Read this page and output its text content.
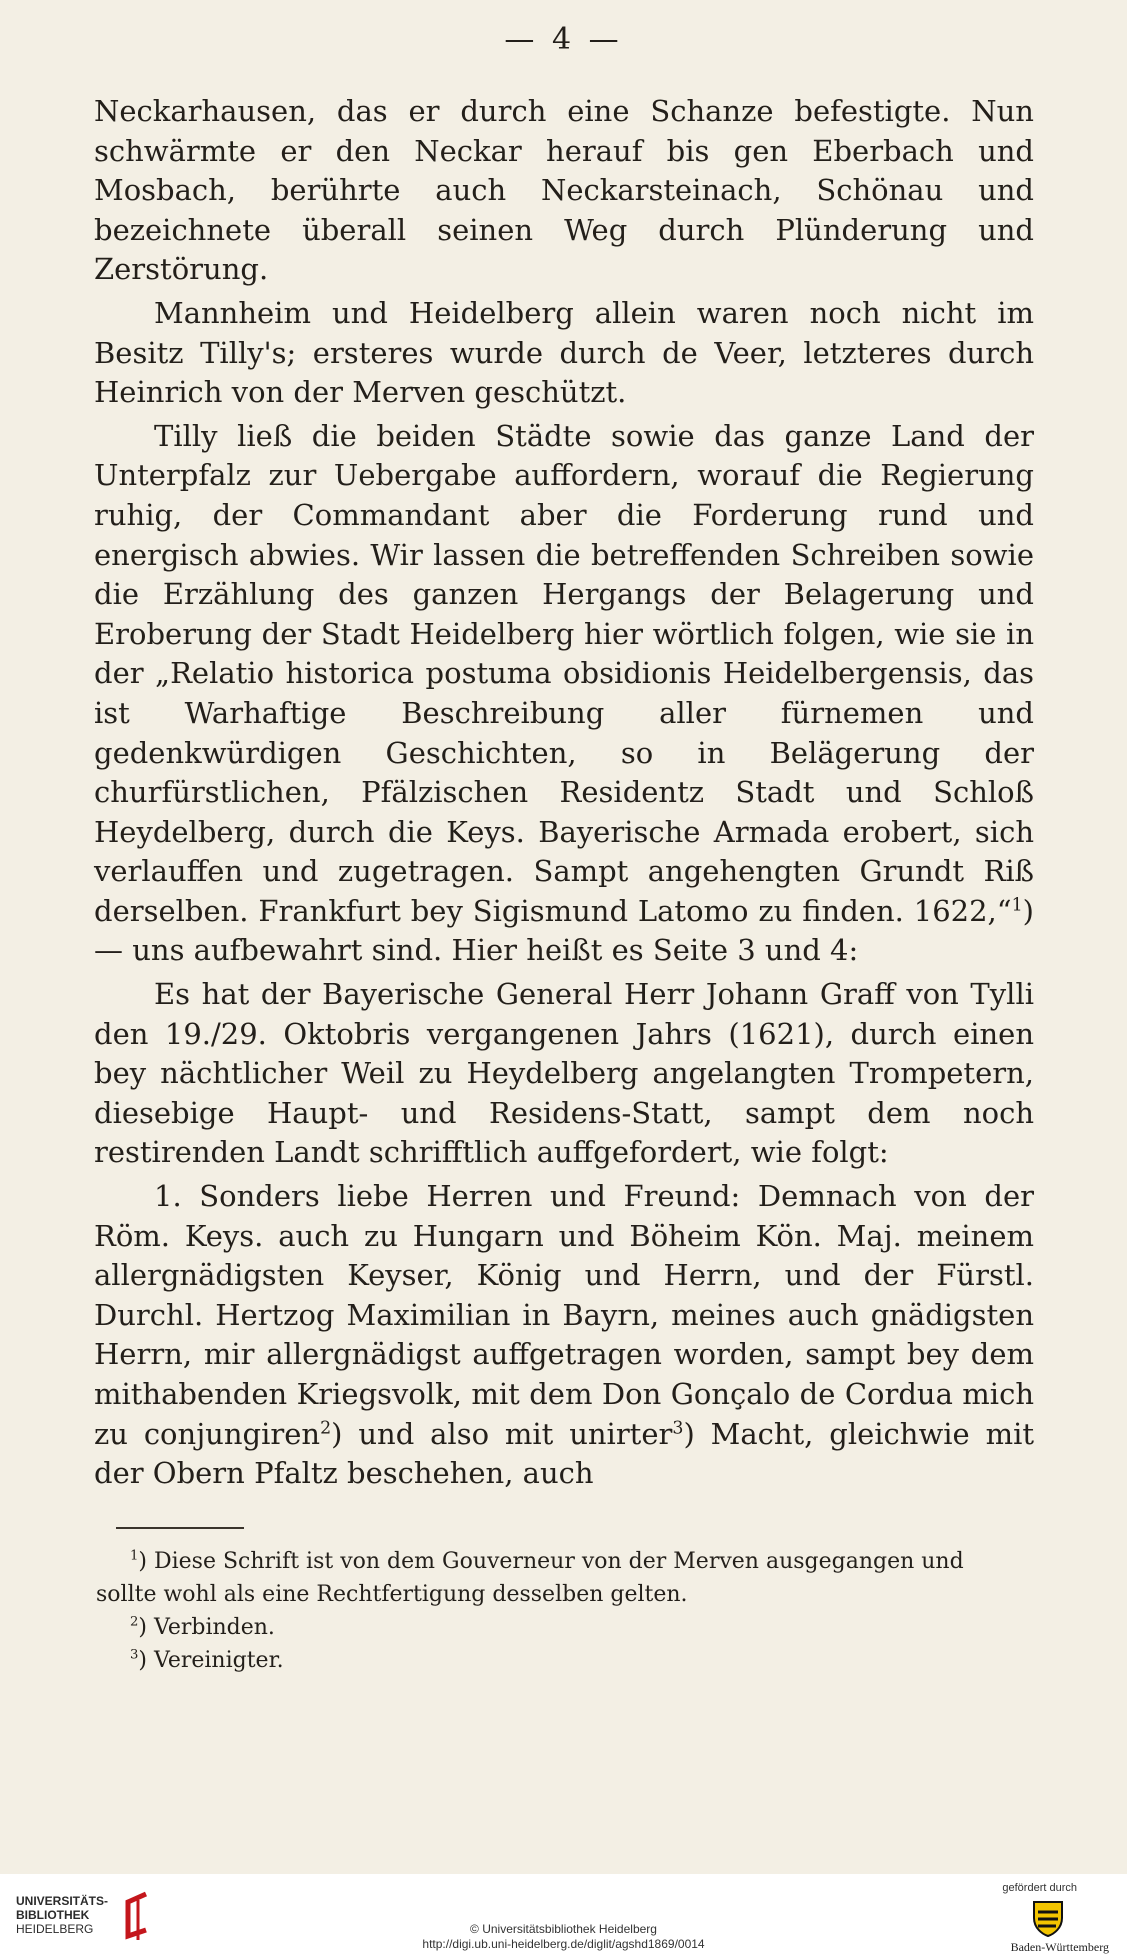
— 4 —

Neckarhausen, das er durch eine Schanze befestigte. Nun schwärmte er den Neckar herauf bis gen Eberbach und Mosbach, berührte auch Neckarsteinach, Schönau und bezeichnete überall seinen Weg durch Plünderung und Zerstörung.

Mannheim und Heidelberg allein waren noch nicht im Besitz Tilly's; ersteres wurde durch de Veer, letzteres durch Heinrich von der Merven geschützt.

Tilly ließ die beiden Städte sowie das ganze Land der Unterpfalz zur Uebergabe auffordern, worauf die Regierung ruhig, der Commandant aber die Forderung rund und energisch abwies. Wir lassen die betreffenden Schreiben sowie die Erzählung des ganzen Hergangs der Belagerung und Eroberung der Stadt Heidelberg hier wörtlich folgen, wie sie in der „Relatio historica postuma obsidionis Heidelbergensis, das ist Warhaftige Beschreibung aller fürnemen und gedenkwürdigen Geschichten, so in Belägerung der churfürstlichen, Pfälzischen Residentz Stadt und Schloß Heydelberg, durch die Keys. Bayerische Armada erobert, sich verlauffen und zugetragen. Sampt angehengten Grundt Riß derselben. Frankfurt bey Sigismund Latomo zu finden. 1622,“$^1$) — uns aufbewahrt sind. Hier heißt es Seite 3 und 4:

Es hat der Bayerische General Herr Johann Graff von Tylli den 19./29. Oktobris vergangenen Jahrs (1621), durch einen bey nächtlicher Weil zu Heydelberg angelangten Trompetern, diesebige Haupt- und Residens-Statt, sampt dem noch restirenden Landt schrifftlich auffgefordert, wie folgt:

1. Sonders liebe Herren und Freund: Demnach von der Röm. Keys. auch zu Hungarn und Böheim Kön. Maj. meinem allergnädigsten Keyser, König und Herrn, und der Fürstl. Durchl. Hertzog Maximilian in Bayrn, meines auch gnädigsten Herrn, mir allergnädigst auffgetragen worden, sampt bey dem mithabenden Kriegsvolk, mit dem Don Gonçalo de Cordua mich zu conjungiren$^2$) und also mit unirter$^3$) Macht, gleichwie mit der Obern Pfaltz beschehen, auch

$^1$) Diese Schrift ist von dem Gouverneur von der Merven ausgegangen und sollte wohl als eine Rechtfertigung desselben gelten.

$^2$) Verbinden.

$^3$) Vereinigter.

UNIVERSITÄTS-
BIBLIOTHEK
HEIDELBERG	© Universitätsbibliothek Heidelberg
http://digi.ub.uni-heidelberg.de/diglit/agshd1869/0014
gefördert durch
Baden-Württemberg
